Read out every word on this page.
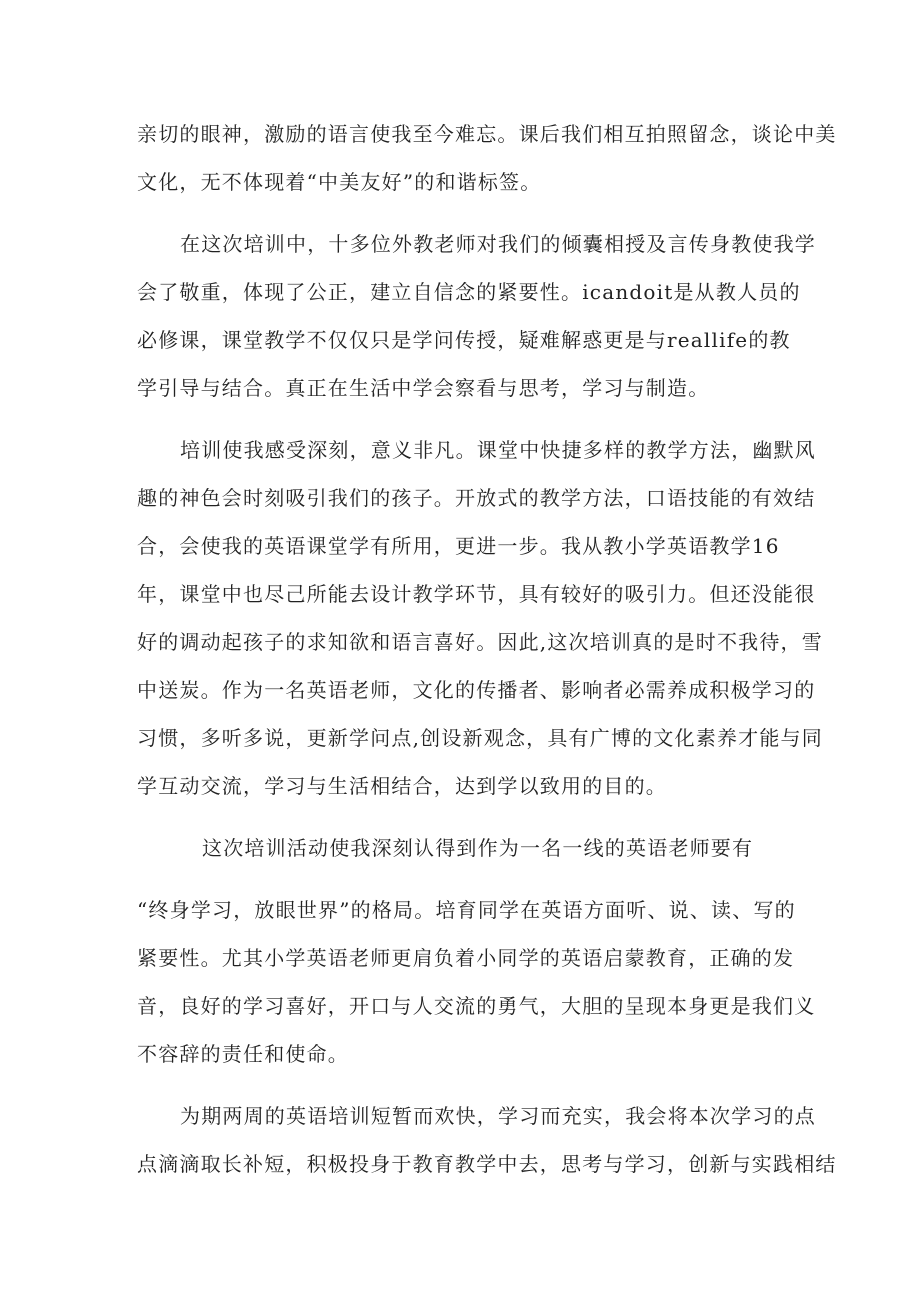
亲切的眼神，激励的语言使我至今难忘。课后我们相互拍照留念，谈论中美
文化，无不体现着“中美友好”的和谐标签。
在这次培训中，十多位外教老师对我们的倾囊相授及言传身教使我学
会了敬重，体现了公正，建立自信念的紧要性。icandoit是从教人员的
必修课，课堂教学不仅仅只是学问传授，疑难解惑更是与reallife的教
学引导与结合。真正在生活中学会察看与思考，学习与制造。
培训使我感受深刻，意义非凡。课堂中快捷多样的教学方法，幽默风
趣的神色会时刻吸引我们的孩子。开放式的教学方法，口语技能的有效结
合，会使我的英语课堂学有所用，更进一步。我从教小学英语教学16
年，课堂中也尽己所能去设计教学环节，具有较好的吸引力。但还没能很
好的调动起孩子的求知欲和语言喜好。因此,这次培训真的是时不我待，雪
中送炭。作为一名英语老师，文化的传播者、影响者必需养成积极学习的
习惯，多听多说，更新学问点,创设新观念，具有广博的文化素养才能与同
学互动交流，学习与生活相结合，达到学以致用的目的。
这次培训活动使我深刻认得到作为一名一线的英语老师要有
“终身学习，放眼世界”的格局。培育同学在英语方面听、说、读、写的
紧要性。尤其小学英语老师更肩负着小同学的英语启蒙教育，正确的发
音，良好的学习喜好，开口与人交流的勇气，大胆的呈现本身更是我们义
不容辞的责任和使命。
为期两周的英语培训短暂而欢快，学习而充实，我会将本次学习的点
点滴滴取长补短，积极投身于教育教学中去，思考与学习，创新与实践相结
